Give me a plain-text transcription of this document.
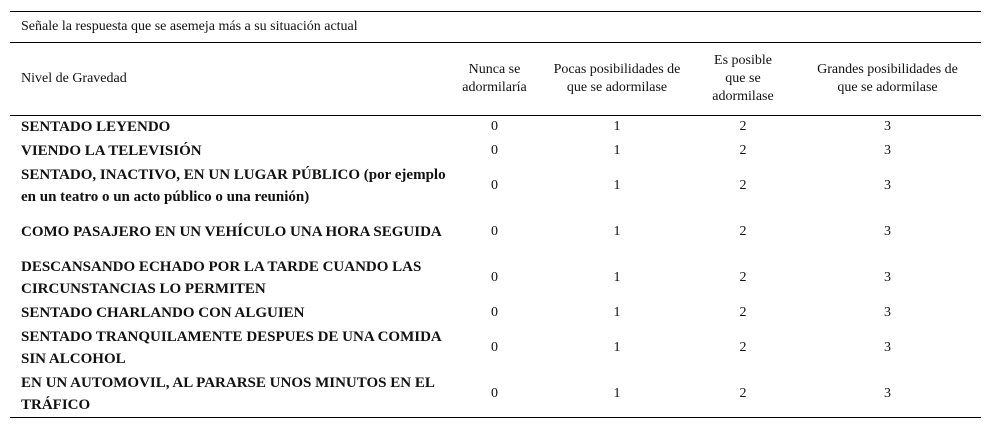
Señale la respuesta que se asemeja más a su situación actual
Nivel de Gravedad	Nunca se adormilaría	Pocas posibilidades de que se adormilase	Es posible que se adormilase	Grandes posibilidades de que se adormilase

SENTADO LEYENDO	0	1	2	3
VIENDO LA TELEVISIÓN	0	1	2	3
SENTADO, INACTIVO, EN UN LUGAR PÚBLICO (por ejemplo en un teatro o un acto público o una reunión)	0	1	2	3
COMO PASAJERO EN UN VEHÍCULO UNA HORA SEGUIDA	0	1	2	3
DESCANSANDO ECHADO POR LA TARDE CUANDO LAS CIRCUNSTANCIAS LO PERMITEN	0	1	2	3
SENTADO CHARLANDO CON ALGUIEN	0	1	2	3
SENTADO TRANQUILAMENTE DESPUES DE UNA COMIDA SIN ALCOHOL	0	1	2	3
EN UN AUTOMOVIL, AL PARARSE UNOS MINUTOS EN EL TRÁFICO	0	1	2	3
